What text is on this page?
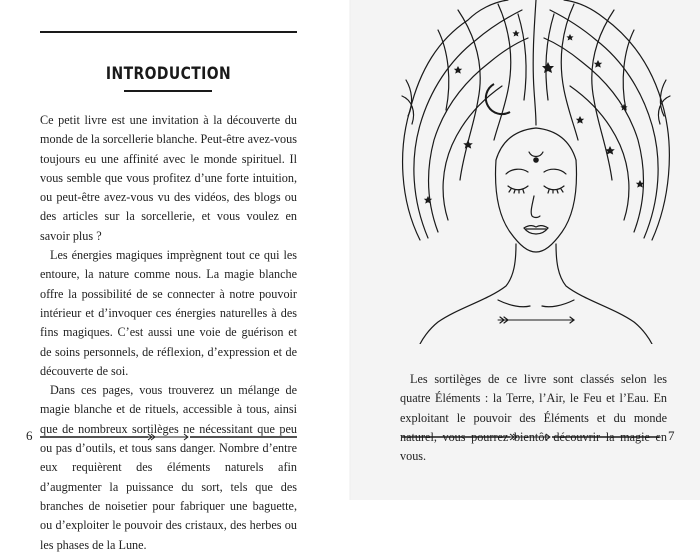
INTRODUCTION

Ce petit livre est une invitation à la découverte du monde de la sorcellerie blanche. Peut-être avez-vous toujours eu une affinité avec le monde spirituel. Il vous semble que vous profitez d’une forte intuition, ou peut-être avez-vous vu des vidéos, des blogs ou des articles sur la sorcellerie, et vous voulez en savoir plus ?

Les énergies magiques imprègnent tout ce qui les entoure, la nature comme nous. La magie blanche offre la possibilité de se connecter à notre pouvoir intérieur et d’invoquer ces énergies naturelles à des fins magiques. C’est aussi une voie de guérison et de soins personnels, de réflexion, d’expression et de découverte de soi.

Dans ces pages, vous trouverez un mélange de magie blanche et de rituels, accessible à tous, ainsi que de nombreux sortilèges ne nécessitant que peu ou pas d’outils, et tous sans danger. Nombre d’entre eux requièrent des éléments naturels afin d’augmenter la puissance du sort, tels que des branches de noisetier pour fabriquer une baguette, ou d’exploiter le pouvoir des cristaux, des herbes ou les phases de la Lune.

6

Les sortilèges de ce livre sont classés selon les quatre Éléments : la Terre, l’Air, le Feu et l’Eau. En exploitant le pouvoir des Éléments et du monde naturel, vous pourrez bientôt découvrir la magie en vous.

7
